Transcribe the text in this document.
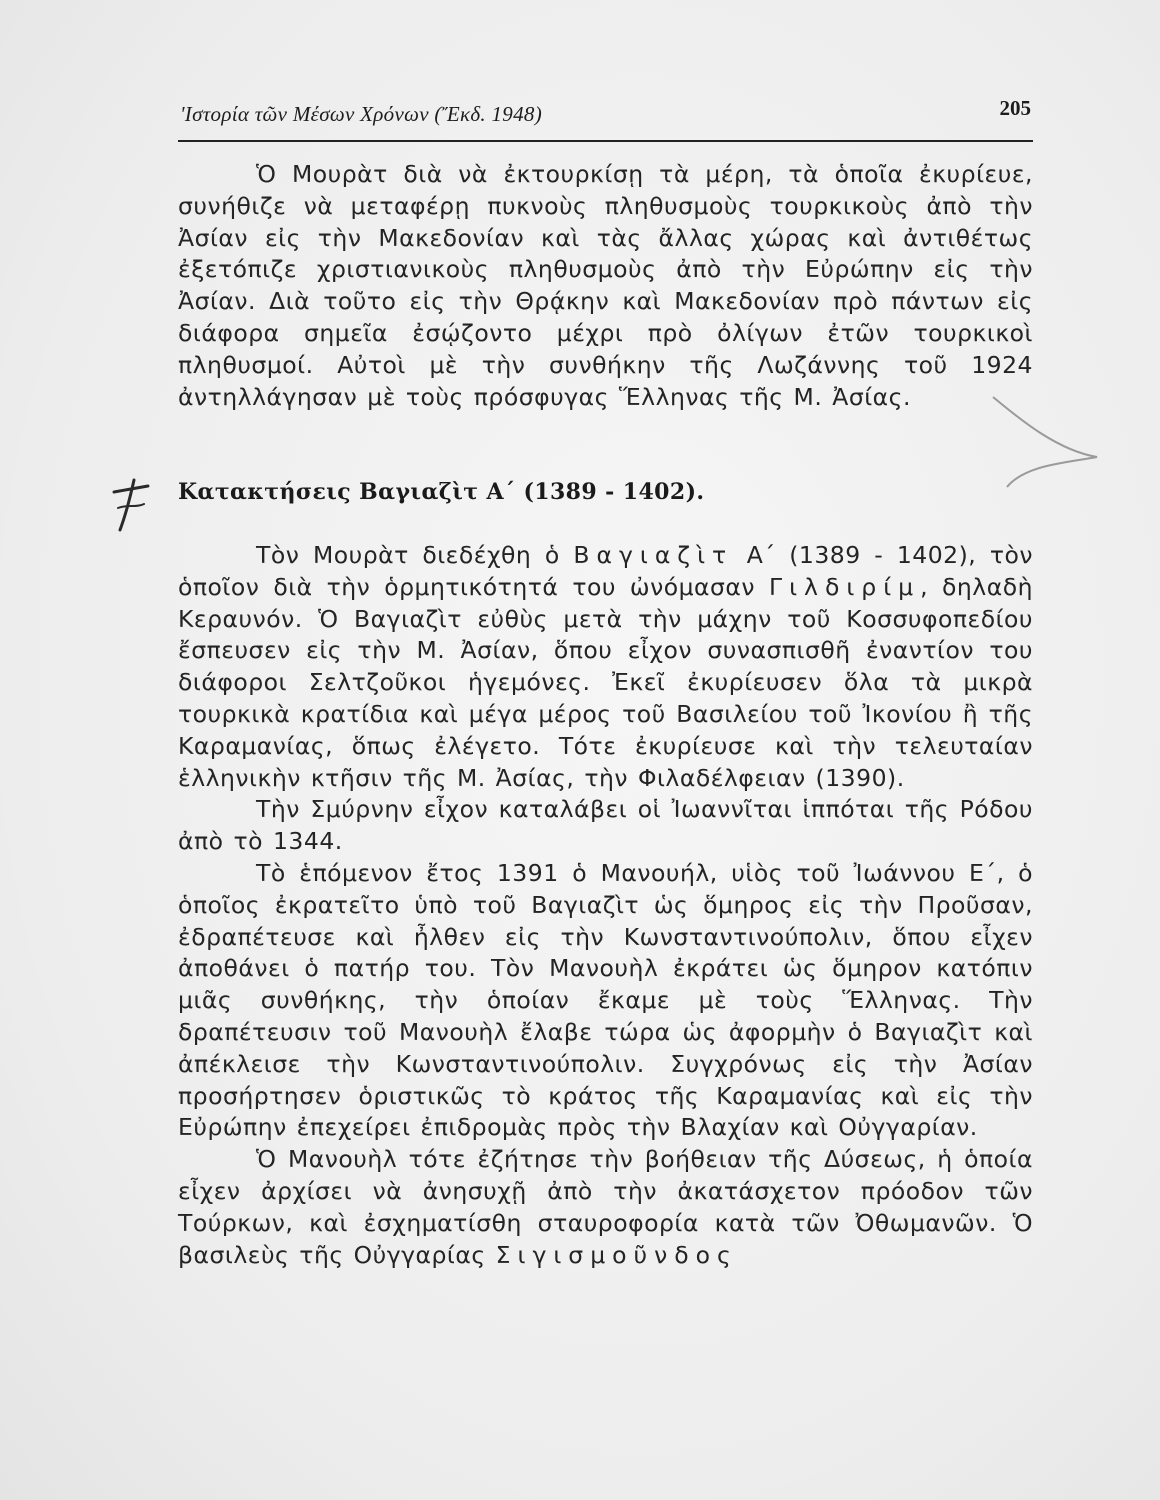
'Ιστορία τῶν Μέσων Χρόνων (Ἔκδ. 1948)	205

Ὁ Μουρὰτ διὰ νὰ ἐκτουρκίσῃ τὰ μέρη, τὰ ὁποῖα ἐκυρίευε, συνήθιζε νὰ μεταφέρῃ πυκνοὺς πληθυσμοὺς τουρκικοὺς ἀπὸ τὴν Ἀσίαν εἰς τὴν Μακεδονίαν καὶ τὰς ἄλλας χώρας καὶ ἀντιθέτως ἐξετόπιζε χριστιανικοὺς πληθυσμοὺς ἀπὸ τὴν Εὐρώπην εἰς τὴν Ἀσίαν. Διὰ τοῦτο εἰς τὴν Θρᾴκην καὶ Μακεδονίαν πρὸ πάντων εἰς διάφορα σημεῖα ἐσῴζοντο μέχρι πρὸ ὀλίγων ἐτῶν τουρκικοὶ πληθυσμοί. Αὐτοὶ μὲ τὴν συνθήκην τῆς Λωζάννης τοῦ 1924 ἀντηλλάγησαν μὲ τοὺς πρόσφυγας Ἕλληνας τῆς Μ. Ἀσίας.

Κατακτήσεις Βαγιαζὶτ Α΄ (1389 - 1402).

Τὸν Μουρὰτ διεδέχθη ὁ Βαγιαζὶτ Α΄ (1389 - 1402), τὸν ὁποῖον διὰ τὴν ὁρμητικότητά του ὠνόμασαν Γιλδιρίμ, δηλαδὴ Κεραυνόν. Ὁ Βαγιαζὶτ εὐθὺς μετὰ τὴν μάχην τοῦ Κοσσυφοπεδίου ἔσπευσεν εἰς τὴν Μ. Ἀσίαν, ὅπου εἶχον συνασπισθῆ ἐναντίον του διάφοροι Σελτζοῦκοι ἡγεμόνες. Ἐκεῖ ἐκυρίευσεν ὅλα τὰ μικρὰ τουρκικὰ κρατίδια καὶ μέγα μέρος τοῦ Βασιλείου τοῦ Ἰκονίου ἢ τῆς Καραμανίας, ὅπως ἐλέγετο. Τότε ἐκυρίευσε καὶ τὴν τελευταίαν ἑλληνικὴν κτῆσιν τῆς Μ. Ἀσίας, τὴν Φιλαδέλφειαν (1390).

Τὴν Σμύρνην εἶχον καταλάβει οἱ Ἰωαννῖται ἱππόται τῆς Ρόδου ἀπὸ τὸ 1344.

Τὸ ἑπόμενον ἔτος 1391 ὁ Μανουήλ, υἱὸς τοῦ Ἰωάννου Ε΄, ὁ ὁποῖος ἐκρατεῖτο ὑπὸ τοῦ Βαγιαζὶτ ὡς ὅμηρος εἰς τὴν Προῦσαν, ἐδραπέτευσε καὶ ἦλθεν εἰς τὴν Κωνσταντινούπολιν, ὅπου εἶχεν ἀποθάνει ὁ πατήρ του. Τὸν Μανουὴλ ἐκράτει ὡς ὅμηρον κατόπιν μιᾶς συνθήκης, τὴν ὁποίαν ἔκαμε μὲ τοὺς Ἕλληνας. Τὴν δραπέτευσιν τοῦ Μανουὴλ ἔλαβε τώρα ὡς ἀφορμὴν ὁ Βαγιαζὶτ καὶ ἀπέκλεισε τὴν Κωνσταντινούπολιν. Συγχρόνως εἰς τὴν Ἀσίαν προσήρτησεν ὁριστικῶς τὸ κράτος τῆς Καραμανίας καὶ εἰς τὴν Εὐρώπην ἐπεχείρει ἐπιδρομὰς πρὸς τὴν Βλαχίαν καὶ Οὐγγαρίαν.

Ὁ Μανουὴλ τότε ἐζήτησε τὴν βοήθειαν τῆς Δύσεως, ἡ ὁποία εἶχεν ἀρχίσει νὰ ἀνησυχῇ ἀπὸ τὴν ἀκατάσχετον πρόοδον τῶν Τούρκων, καὶ ἐσχηματίσθη σταυροφορία κατὰ τῶν Ὀθωμανῶν. Ὁ βασιλεὺς τῆς Οὐγγαρίας Σιγισμοῦνδος
